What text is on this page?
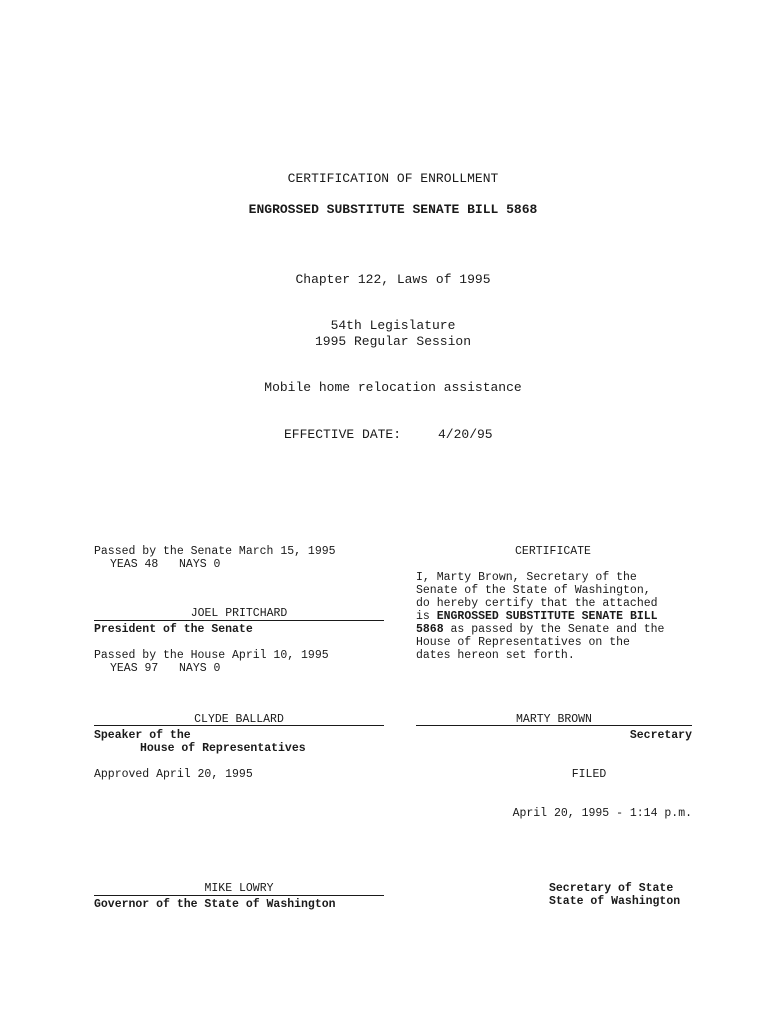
CERTIFICATION OF ENROLLMENT
ENGROSSED SUBSTITUTE SENATE BILL 5868
Chapter 122, Laws of 1995
54th Legislature
1995 Regular Session
Mobile home relocation assistance
EFFECTIVE DATE:	4/20/95
Passed by the Senate March 15, 1995
YEAS 48   NAYS 0
JOEL PRITCHARD
President of the Senate
Passed by the House April 10, 1995
YEAS 97   NAYS 0
CLYDE BALLARD
Speaker of the
House of Representatives
Approved April 20, 1995
MIKE LOWRY
Governor of the State of Washington
CERTIFICATE
I, Marty Brown, Secretary of the
Senate of the State of Washington,
do hereby certify that the attached
is ENGROSSED SUBSTITUTE SENATE BILL
5868 as passed by the Senate and the
House of Representatives on the
dates hereon set forth.
MARTY BROWN
Secretary
FILED
April 20, 1995 - 1:14 p.m.
Secretary of State
State of Washington
